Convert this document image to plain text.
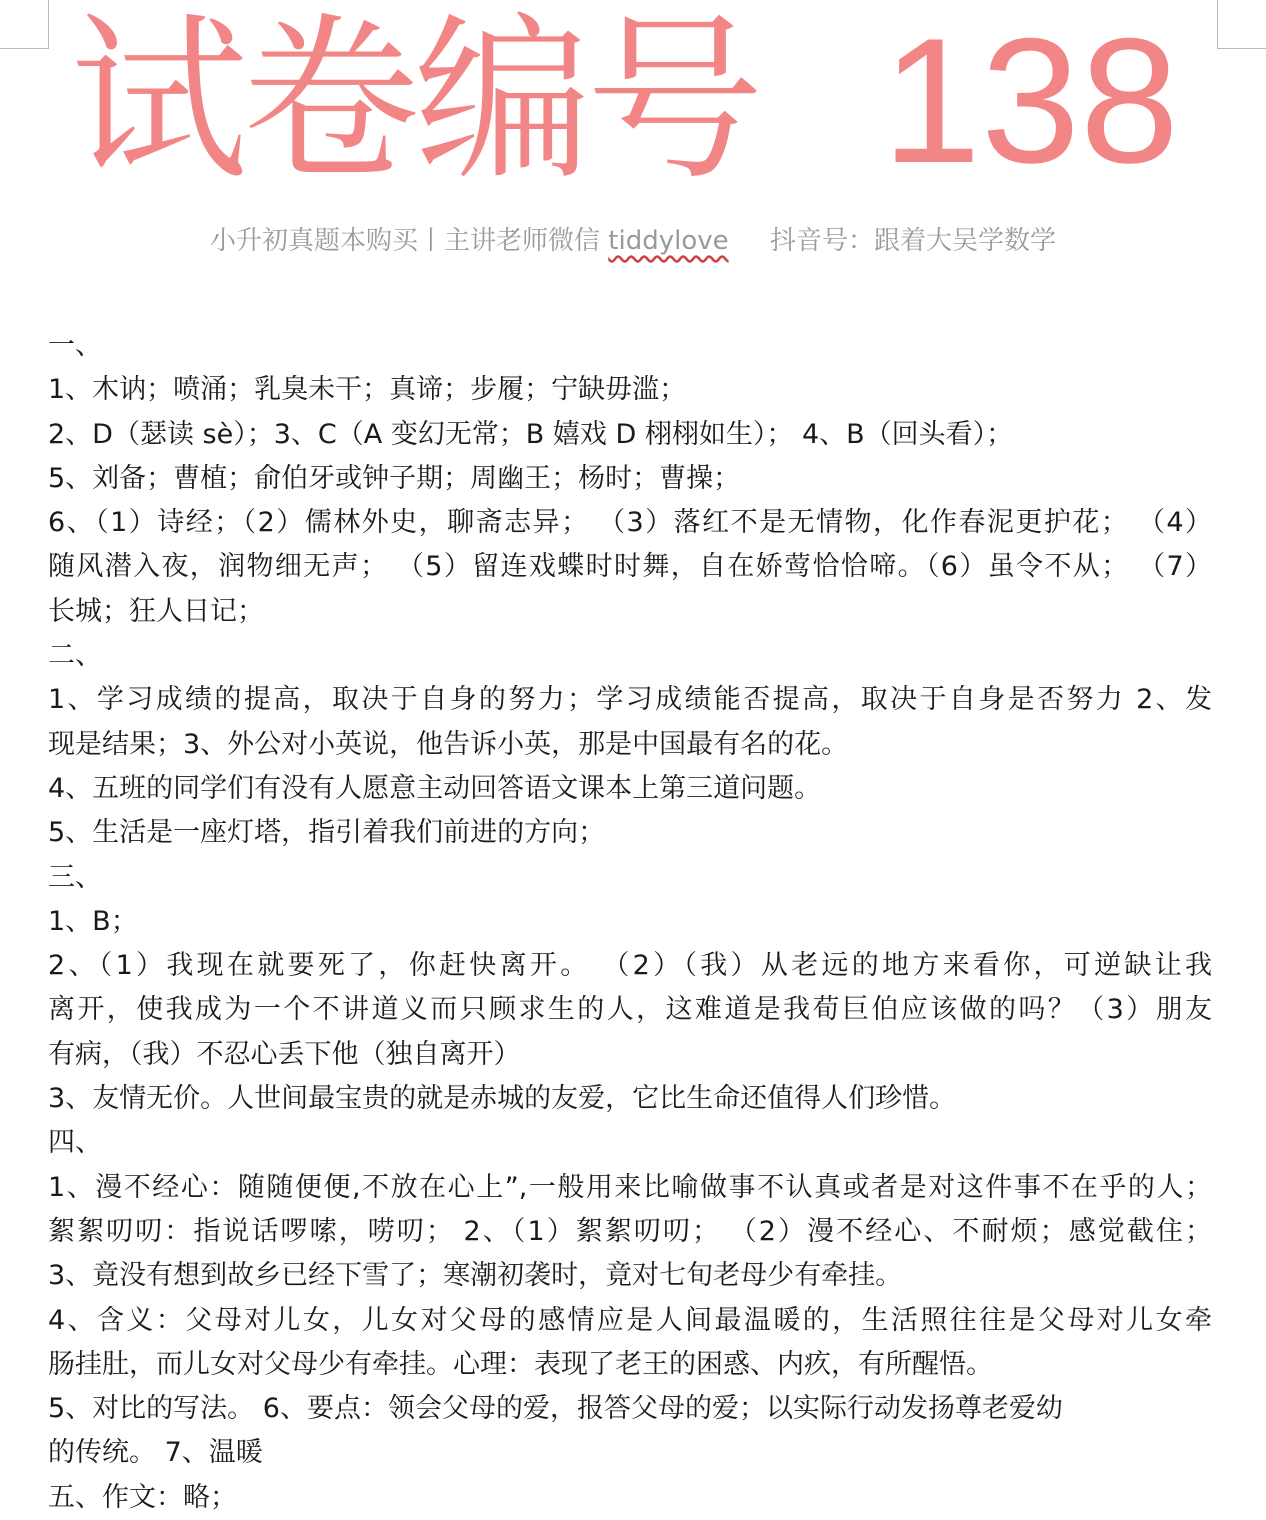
试卷编号 138
小升初真题本购买丨主讲老师微信 tiddylove 抖音号：跟着大吴学数学
一、
1、木讷；喷涌；乳臭未干；真谛；步履；宁缺毋滥；
2、D（瑟读 sè）；3、C（A 变幻无常；B 嬉戏 D 栩栩如生）； 4、B（回头看）；
5、刘备；曹植；俞伯牙或钟子期；周幽王；杨时；曹操；
6、（1）诗经；（2）儒林外史，聊斋志异； （3）落红不是无情物，化作春泥更护花； （4）
随风潜入夜，润物细无声； （5）留连戏蝶时时舞，自在娇莺恰恰啼。（6）虽令不从； （7）
长城；狂人日记；
二、
1、学习成绩的提高，取决于自身的努力；学习成绩能否提高，取决于自身是否努力 2、发
现是结果；3、外公对小英说，他告诉小英，那是中国最有名的花。
4、五班的同学们有没有人愿意主动回答语文课本上第三道问题。
5、生活是一座灯塔，指引着我们前进的方向；
三、
1、B；
2、（1）我现在就要死了，你赶快离开。 （2）（我）从老远的地方来看你，可逆缺让我
离开，使我成为一个不讲道义而只顾求生的人，这难道是我荀巨伯应该做的吗？（3）朋友
有病，（我）不忍心丢下他（独自离开）
3、友情无价。人世间最宝贵的就是赤城的友爱，它比生命还值得人们珍惜。
四、
1、漫不经心：随随便便,不放在心上”,一般用来比喻做事不认真或者是对这件事不在乎的人；
絮絮叨叨：指说话啰嗦，唠叨； 2、（1）絮絮叨叨； （2）漫不经心、不耐烦；感觉截住；
3、竟没有想到故乡已经下雪了；寒潮初袭时，竟对七旬老母少有牵挂。
4、含义：父母对儿女，儿女对父母的感情应是人间最温暖的，生活照往往是父母对儿女牵
肠挂肚，而儿女对父母少有牵挂。心理：表现了老王的困惑、内疚，有所醒悟。
5、对比的写法。 6、要点：领会父母的爱，报答父母的爱；以实际行动发扬尊老爱幼
的传统。 7、温暖
五、作文：略；
